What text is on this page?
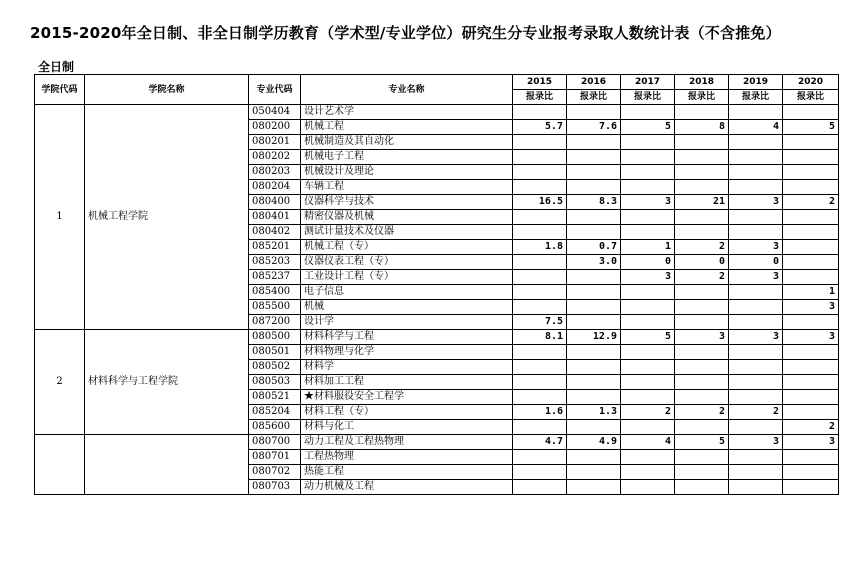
2015-2020年全日制、非全日制学历教育（学术型/专业学位）研究生分专业报考录取人数统计表（不含推免）
全日制
学院代码	学院名称	专业代码	专业名称	2015	2016	2017	2018	2019	2020
				报录比	报录比	报录比	报录比	报录比	报录比
1	机械工程学院	050404	设计艺术学						
		080200	机械工程	5.7	7.6	5	8	4	5
		080201	机械制造及其自动化						
		080202	机械电子工程						
		080203	机械设计及理论						
		080204	车辆工程						
		080400	仪器科学与技术	16.5	8.3	3	21	3	2
		080401	精密仪器及机械						
		080402	测试计量技术及仪器						
		085201	机械工程（专）	1.8	0.7	1	2	3	
		085203	仪器仪表工程（专）		3.0	0	0	0	
		085237	工业设计工程（专）			3	2	3	
		085400	电子信息						1
		085500	机械						3
		087200	设计学	7.5					
2	材料科学与工程学院	080500	材料科学与工程	8.1	12.9	5	3	3	3
		080501	材料物理与化学						
		080502	材料学						
		080503	材料加工工程						
		080521	★材料服役安全工程学						
		085204	材料工程（专）	1.6	1.3	2	2	2	
		085600	材料与化工						2
		080700	动力工程及工程热物理	4.7	4.9	4	5	3	3
		080701	工程热物理						
		080702	热能工程						
		080703	动力机械及工程						
